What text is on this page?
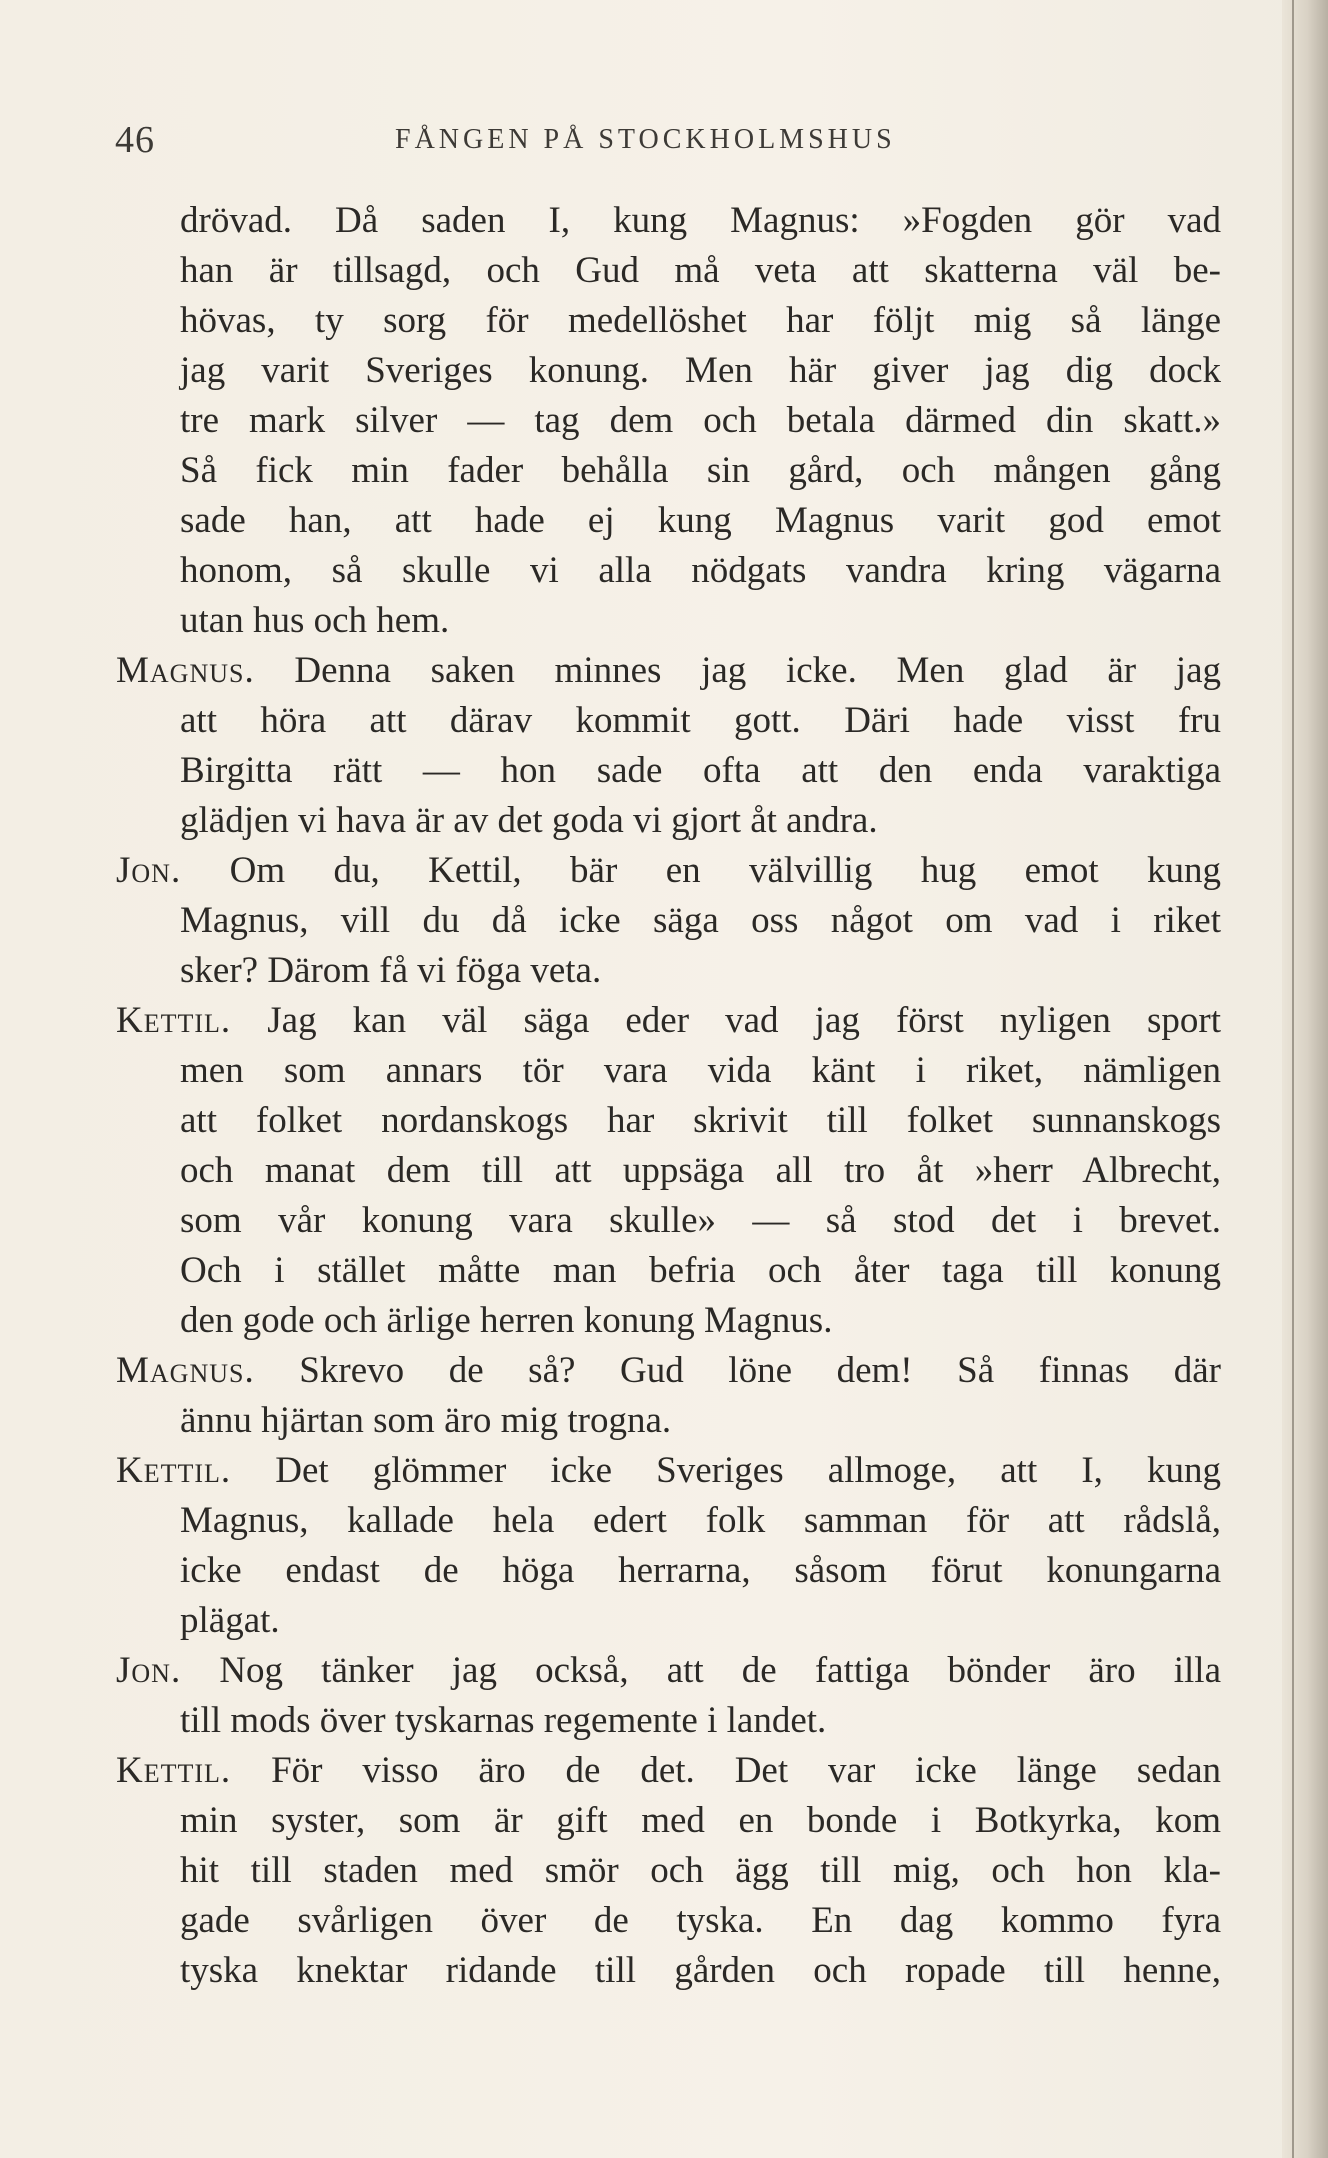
46	FÅNGEN PÅ STOCKHOLMSHUS
drövad. Då saden I, kung Magnus: »Fogden gör vad
han är tillsagd, och Gud må veta att skatterna väl be-
hövas, ty sorg för medellöshet har följt mig så länge
jag varit Sveriges konung. Men här giver jag dig dock
tre mark silver — tag dem och betala därmed din skatt.»
Så fick min fader behålla sin gård, och mången gång
sade han, att hade ej kung Magnus varit god emot
honom, så skulle vi alla nödgats vandra kring vägarna
utan hus och hem.
Magnus. Denna saken minnes jag icke. Men glad är jag
att höra att därav kommit gott. Däri hade visst fru
Birgitta rätt — hon sade ofta att den enda varaktiga
glädjen vi hava är av det goda vi gjort åt andra.
Jon. Om du, Kettil, bär en välvillig hug emot kung
Magnus, vill du då icke säga oss något om vad i riket
sker? Därom få vi föga veta.
Kettil. Jag kan väl säga eder vad jag först nyligen sport
men som annars tör vara vida känt i riket, nämligen
att folket nordanskogs har skrivit till folket sunnanskogs
och manat dem till att uppsäga all tro åt »herr Albrecht,
som vår konung vara skulle» — så stod det i brevet.
Och i stället måtte man befria och åter taga till konung
den gode och ärlige herren konung Magnus.
Magnus. Skrevo de så? Gud löne dem! Så finnas där
ännu hjärtan som äro mig trogna.
Kettil. Det glömmer icke Sveriges allmoge, att I, kung
Magnus, kallade hela edert folk samman för att rådslå,
icke endast de höga herrarna, såsom förut konungarna
plägat.
Jon. Nog tänker jag också, att de fattiga bönder äro illa
till mods över tyskarnas regemente i landet.
Kettil. För visso äro de det. Det var icke länge sedan
min syster, som är gift med en bonde i Botkyrka, kom
hit till staden med smör och ägg till mig, och hon kla-
gade svårligen över de tyska. En dag kommo fyra
tyska knektar ridande till gården och ropade till henne,
